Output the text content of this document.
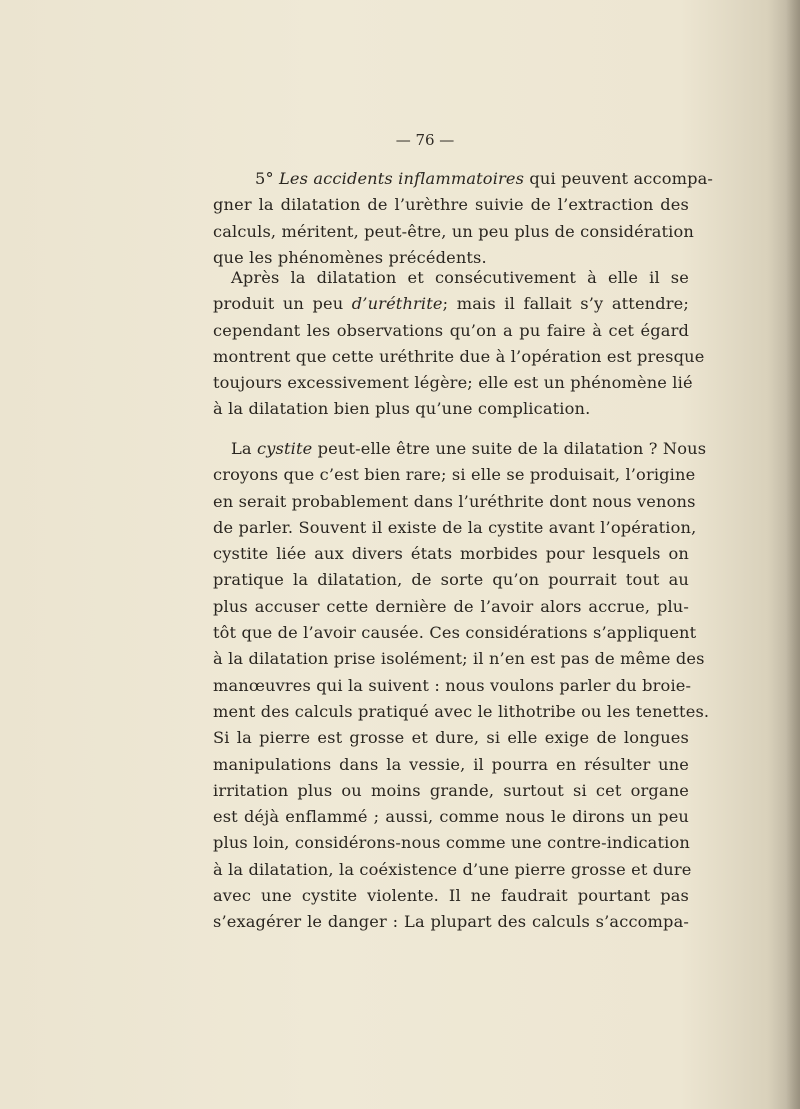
— 76 —
5° Les accidents inflammatoires qui peuvent accompa-
gner la dilatation de l’urèthre suivie de l’extraction des
calculs, méritent, peut-être, un peu plus de considération
que les phénomènes précédents.
Après la dilatation et consécutivement à elle il se
produit un peu d’uréthrite; mais il fallait s’y attendre;
cependant les observations qu’on a pu faire à cet égard
montrent que cette uréthrite due à l’opération est presque
toujours excessivement légère; elle est un phénomène lié
à la dilatation bien plus qu’une complication.
La cystite peut-elle être une suite de la dilatation ? Nous
croyons que c’est bien rare; si elle se produisait, l’origine
en serait probablement dans l’uréthrite dont nous venons
de parler. Souvent il existe de la cystite avant l’opération,
cystite liée aux divers états morbides pour lesquels on
pratique la dilatation, de sorte qu’on pourrait tout au
plus accuser cette dernière de l’avoir alors accrue, plu-
tôt que de l’avoir causée. Ces considérations s’appliquent
à la dilatation prise isolément; il n’en est pas de même des
manœuvres qui la suivent : nous voulons parler du broie-
ment des calculs pratiqué avec le lithotribe ou les tenettes.
Si la pierre est grosse et dure, si elle exige de longues
manipulations dans la vessie, il pourra en résulter une
irritation plus ou moins grande, surtout si cet organe
est déjà enflammé ; aussi, comme nous le dirons un peu
plus loin, considérons-nous comme une contre-indication
à la dilatation, la coéxistence d’une pierre grosse et dure
avec une cystite violente. Il ne faudrait pourtant pas
s’exagérer le danger : La plupart des calculs s’accompa-
